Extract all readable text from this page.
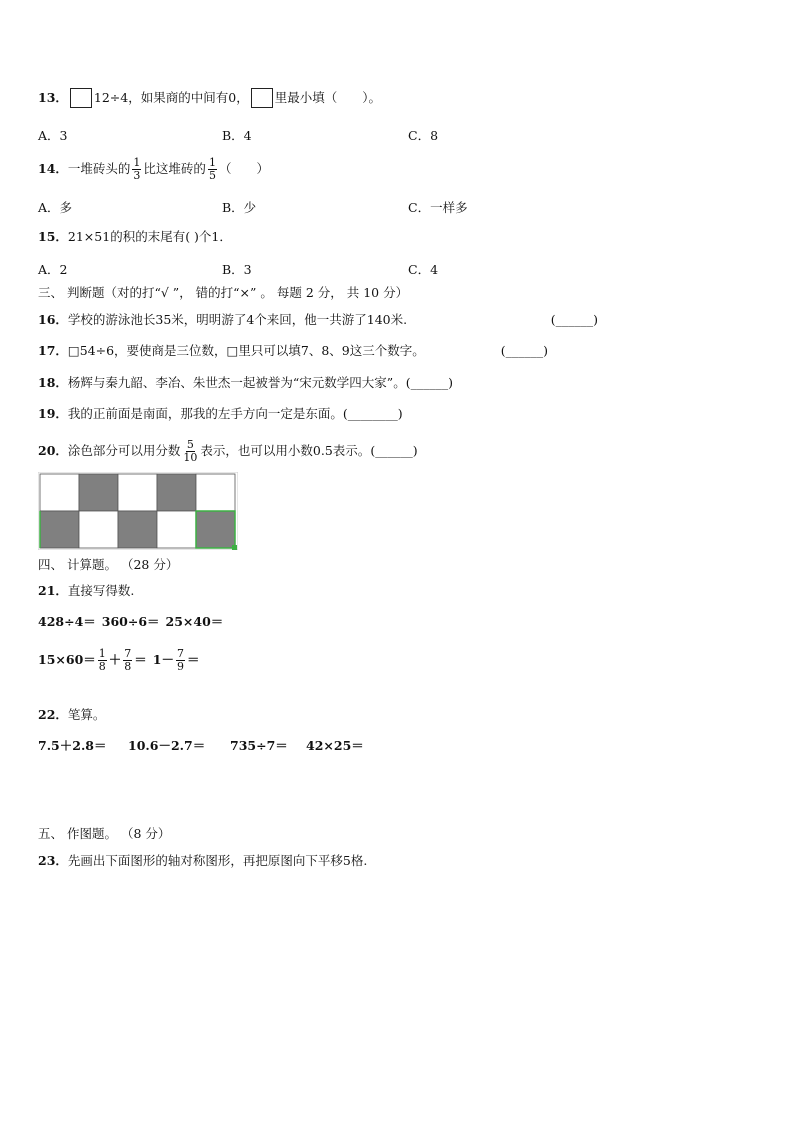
13． 12÷4，如果商的中间有0， 里最小填（　　）。
A．3	B．4	C．8
14． 一堆砖头的 $\frac{1}{3}$ 比这堆砖的 $\frac{1}{5}$ （　　）
A．多	B．少	C．一样多
15． 21×51的积的末尾有( )个1．
A．2	B．3	C．4
三、 判断题（对的打“√ ”， 错的打“×” 。 每题 2 分， 共 10 分）
16． 学校的游泳池长35米，明明游了4个来回，他一共游了140米.	(______)
17． □54÷6，要使商是三位数，□里只可以填7、8、9这三个数字。	(______)
18． 杨辉与秦九韶、李冶、朱世杰一起被誉为“宋元数学四大家”。 (______)
19． 我的正前面是南面，那我的左手方向一定是东面。 (________)
20． 涂色部分可以用分数 $\frac{5}{10}$ 表示，也可以用小数0.5表示。 (______)
四、 计算题。 （28 分）
21． 直接写得数.
428÷4＝ 360÷6＝ 25×40＝
$15\times 60= \frac{1}{8} + \frac{7}{8} = 1- \frac{7}{9}$ ＝
22． 笔算。
7.5＋2.8＝	10.6－2.7＝	735÷7＝	42×25＝
五、 作图题。 （8 分）
23． 先画出下面图形的轴对称图形，再把原图向下平移5格.
